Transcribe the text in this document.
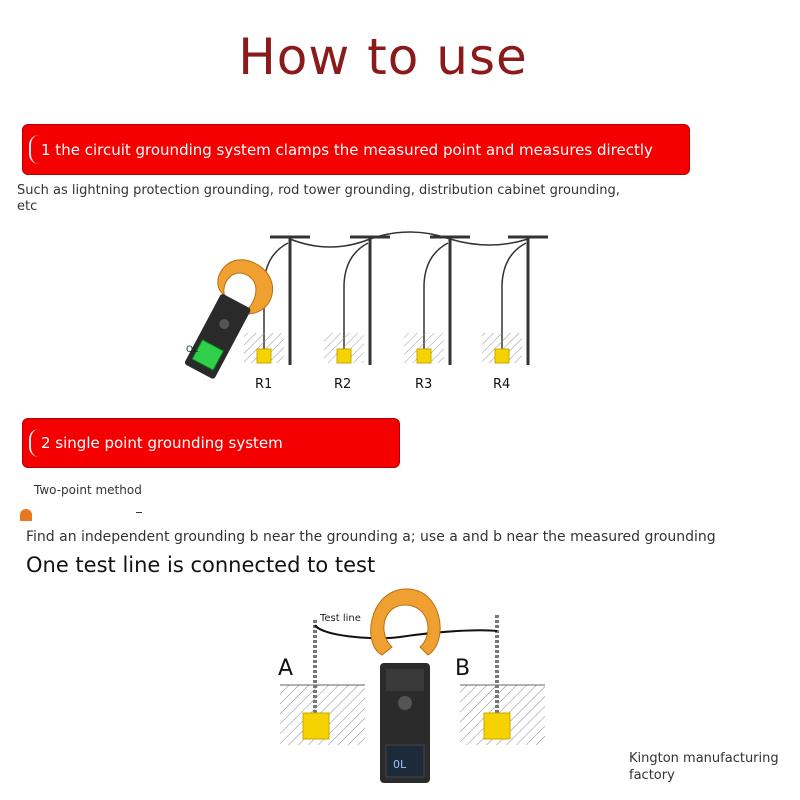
How to use
1 the circuit grounding system clamps the measured point and measures directly
Such as lightning protection grounding, rod tower grounding, distribution cabinet grounding, etc
R1	R2	R3	R4
2 single point grounding system
Two-point method
Find an independent grounding b near the grounding a; use a and b near the measured grounding
One test line is connected to test
Test line
A	B
0L
OL
Kington manufacturing factory
